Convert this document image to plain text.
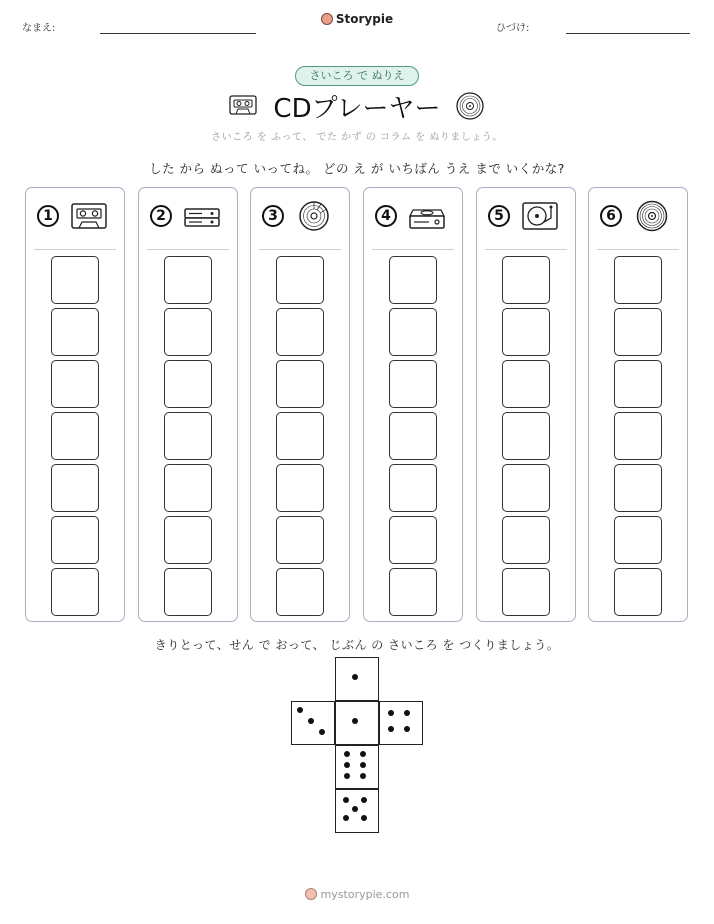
なまえ:
Storypie
ひづけ:
さいころ で ぬりえ
CDプレーヤー
さいころ を ふって、 でた かず の コラム を ぬりましょう。
した から ぬって いってね。 どの え が いちばん うえ まで いくかな?
1	2	3	4	5	6
きりとって、せん で おって、 じぶん の さいころ を つくりましょう。
mystorypie.com
